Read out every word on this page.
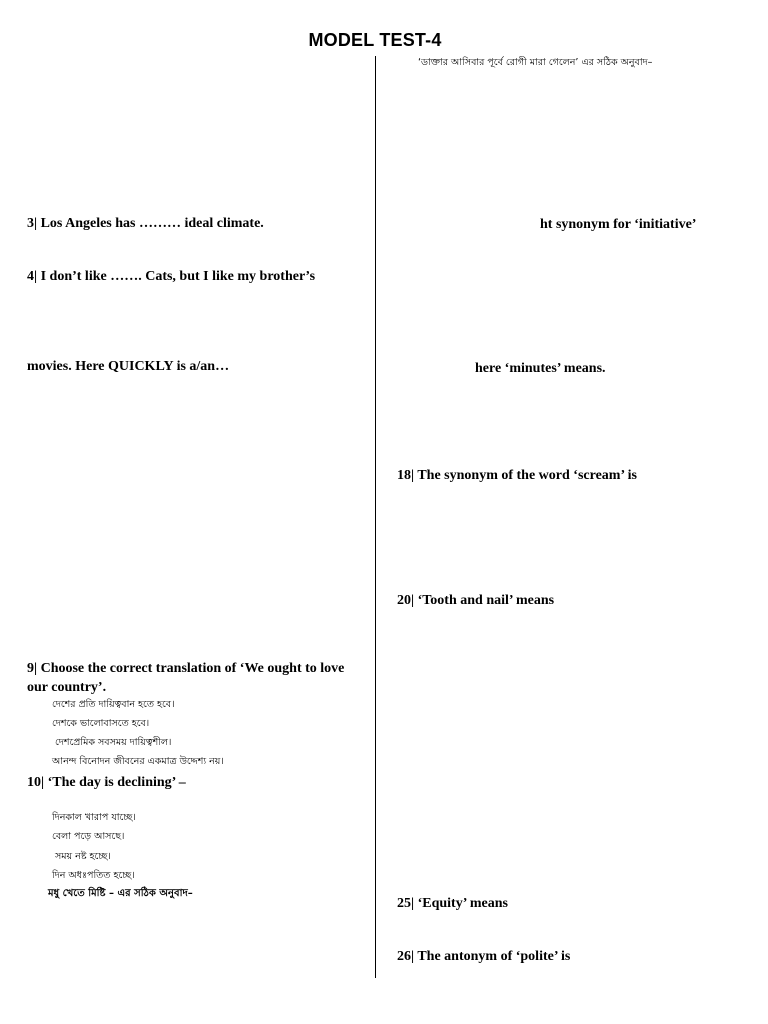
MODEL TEST-4
3| Los Angeles has ……… ideal climate.
4| I don’t like ……. Cats, but I like my brother’s
movies. Here QUICKLY is a/an…
9| Choose the correct translation of ‘We ought to love our country’.
দেশের প্রতি দায়িত্ববান হতে হবে।
দেশকে ভালোবাসতে হবে।
দেশপ্রেমিক সবসময় দায়িত্বশীল।
আনন্দ বিনোদন জীবনের একমাত্র উদ্দেশ্য নয়।
10| ‘The day is declining’ –
দিনকাল খারাপ যাচ্ছে।
বেলা পড়ে আসছে।
সময় নষ্ট হচ্ছে।
দিন অধঃপতিত হচ্ছে।
মধু খেতে মিষ্টি – এর সঠিক অনুবাদ–
‘ডাক্তার আসিবার পূর্বে রোগী মারা গেলেন’ এর সঠিক অনুবাদ–
ht synonym for ‘initiative’
here ‘minutes’ means.
18| The synonym of the word ‘scream’ is
20| ‘Tooth and nail’ means
25| ‘Equity’ means
26| The antonym of ‘polite’ is
